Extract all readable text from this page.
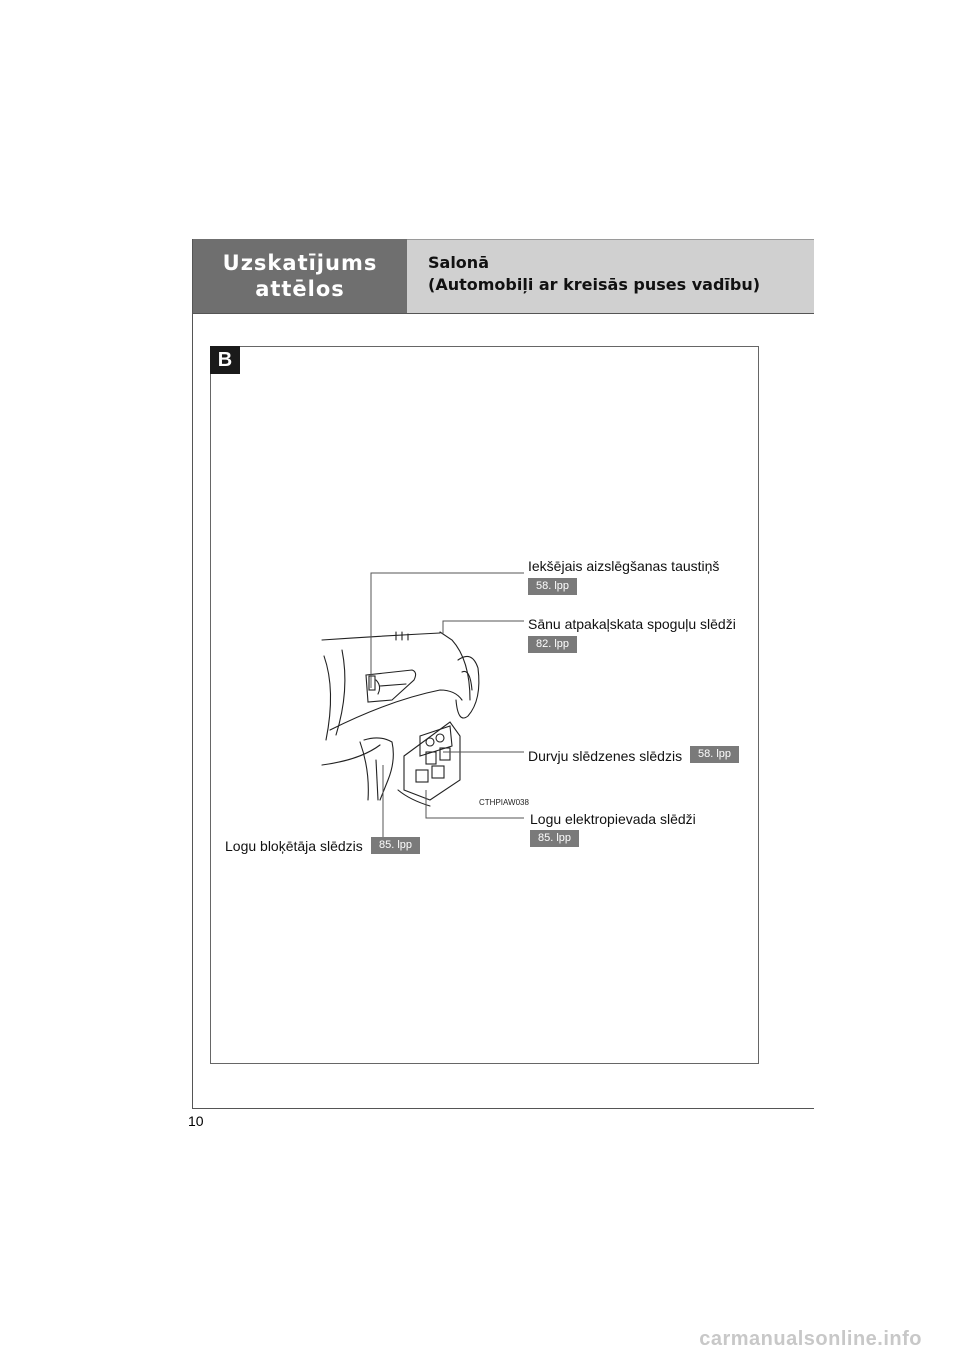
Uzskatījums
attēlos
Salonā
(Automobiļi ar kreisās puses vadību)
10
B
CTHPIAW038
Iekšējais aizslēgšanas taustiņš
58. lpp
Sānu atpakaļskata spoguļu slēdži
82. lpp
Durvju slēdzenes slēdzis	58. lpp
Logu elektropievada slēdži
85. lpp
Logu bloķētāja slēdzis	85. lpp
carmanualsonline.info
